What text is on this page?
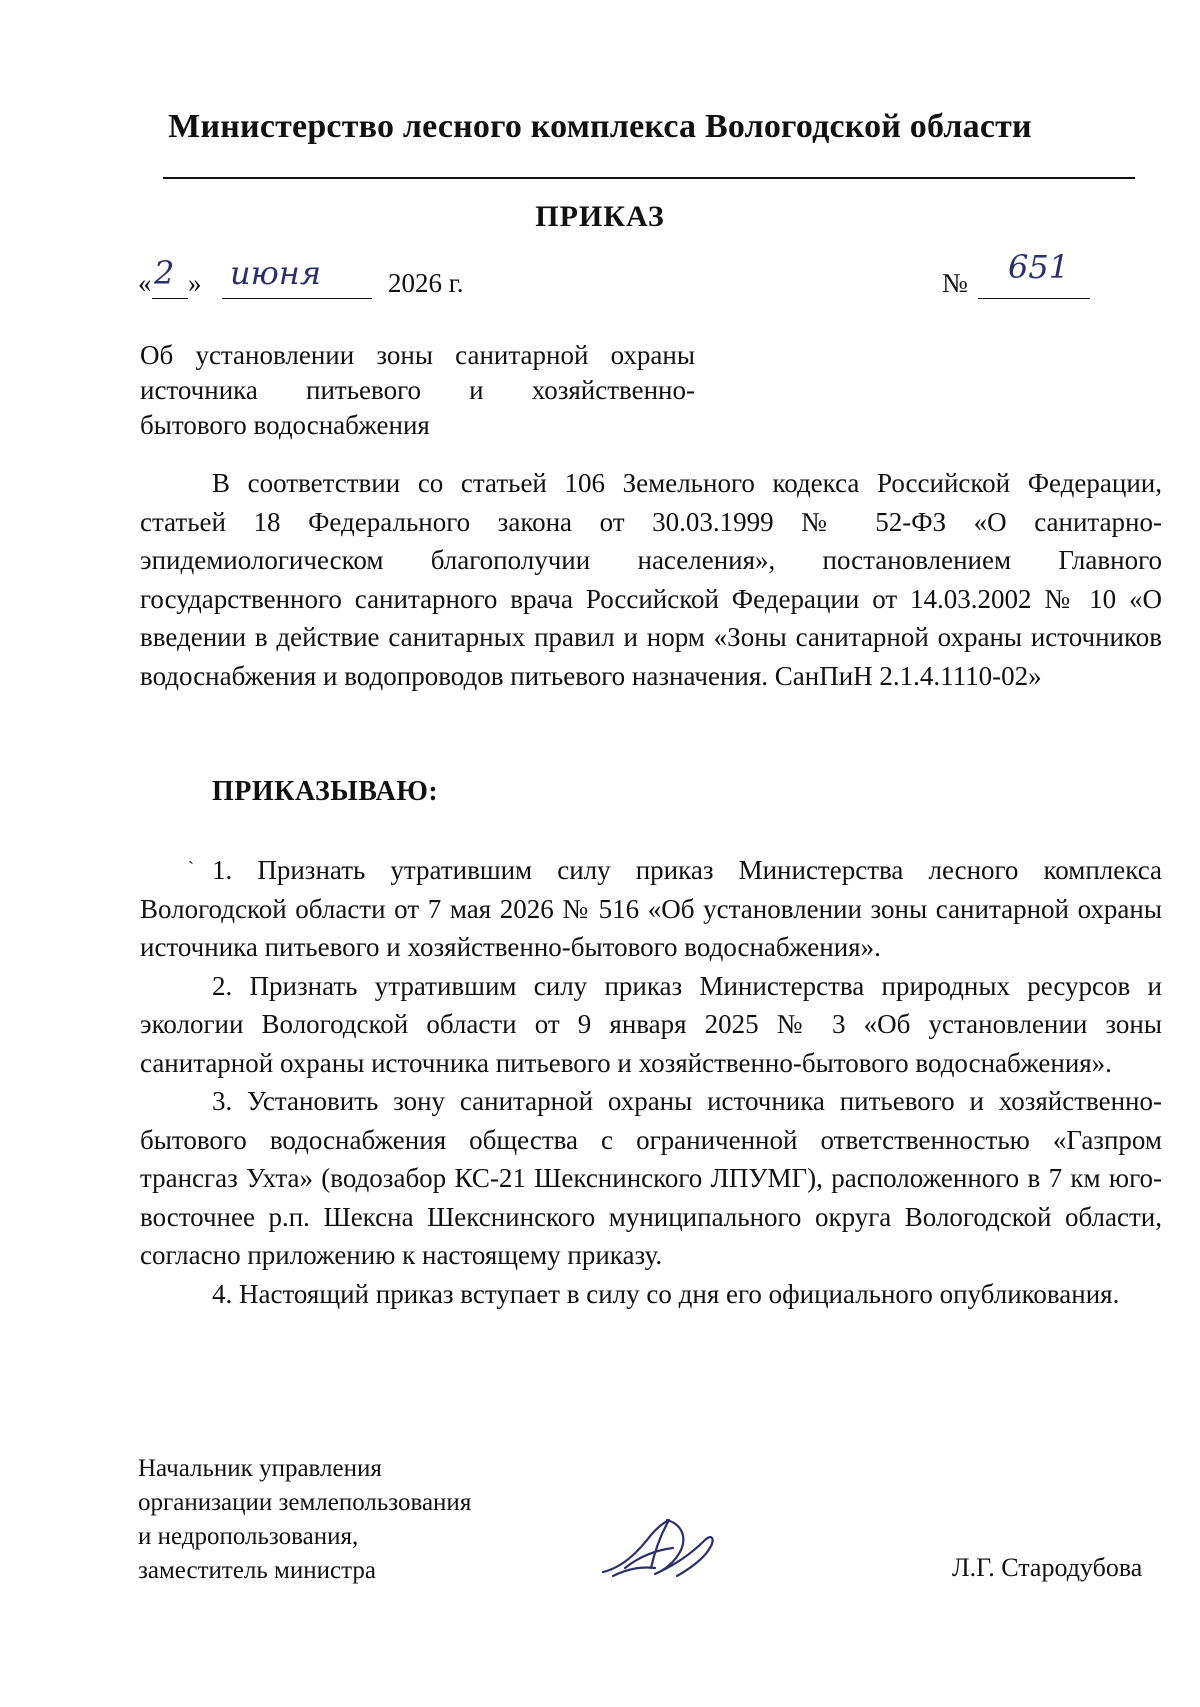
Министерство лесного комплекса Вологодской области
ПРИКАЗ
« 2 » июня 2026 г.	№ 651
Об установлении зоны санитарной охраны
источника питьевого и хозяйственно-
бытового водоснабжения

В соответствии со статьей 106 Земельного кодекса Российской Федерации, статьей 18 Федерального закона от 30.03.1999 № 52-ФЗ «О санитарно-эпидемиологическом благополучии населения», постановлением Главного государственного санитарного врача Российской Федерации от 14.03.2002 № 10 «О введении в действие санитарных правил и норм «Зоны санитарной охраны источников водоснабжения и водопроводов питьевого назначения. СанПиН 2.1.4.1110-02»

ПРИКАЗЫВАЮ:
ˋ 1. Признать утратившим силу приказ Министерства лесного комплекса Вологодской области от 7 мая 2026 № 516 «Об установлении зоны санитарной охраны источника питьевого и хозяйственно-бытового водоснабжения».

2. Признать утратившим силу приказ Министерства природных ресурсов и экологии Вологодской области от 9 января 2025 № 3 «Об установлении зоны санитарной охраны источника питьевого и хозяйственно-бытового водоснабжения».

3. Установить зону санитарной охраны источника питьевого и хозяйственно-бытового водоснабжения общества с ограниченной ответственностью «Газпром трансгаз Ухта» (водозабор КС-21 Шекснинского ЛПУМГ), расположенного в 7 км юго-восточнее р.п. Шексна Шекснинского муниципального округа Вологодской области, согласно приложению к настоящему приказу.

4. Настоящий приказ вступает в силу со дня его официального опубликования.

Начальник управления
организации землепользования
и недропользования,
заместитель министра	Л.Г. Стародубова
